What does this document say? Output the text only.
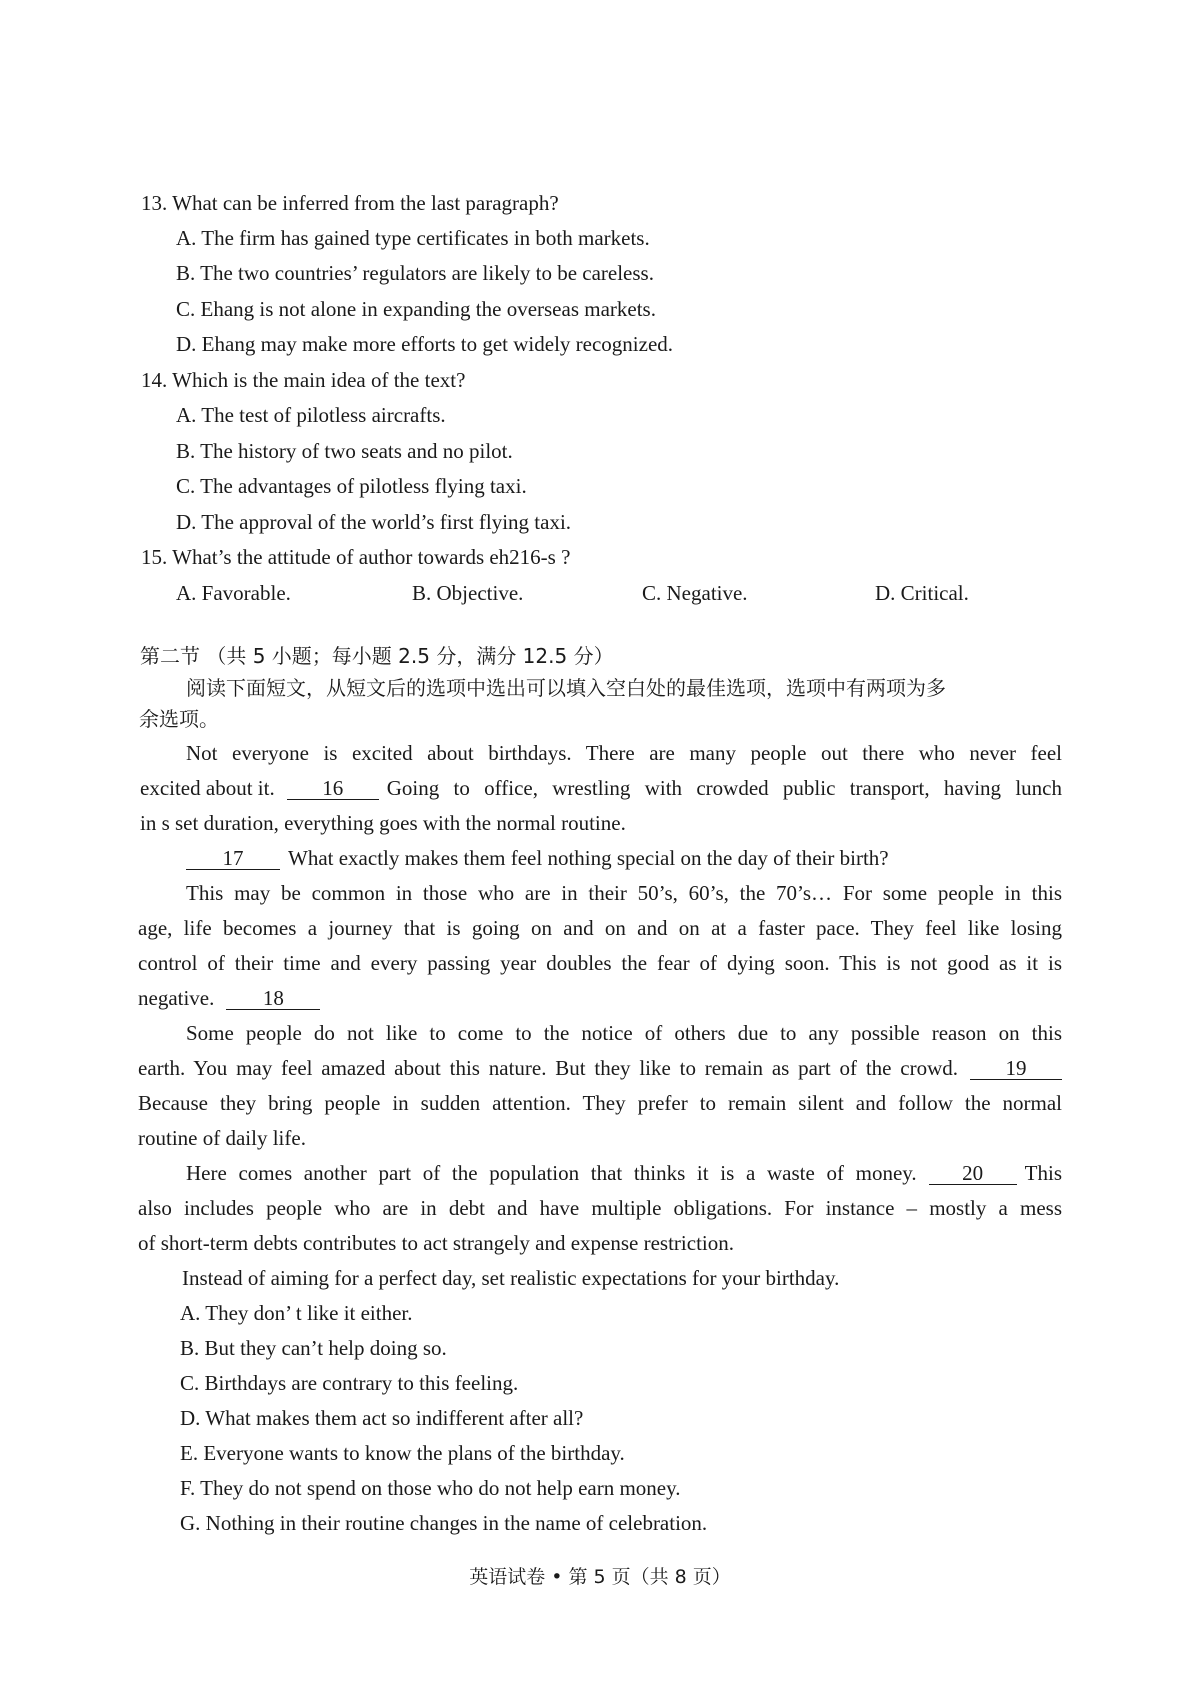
13. What can be inferred from the last paragraph?
A. The firm has gained type certificates in both markets.
B. The two countries’ regulators are likely to be careless.
C. Ehang is not alone in expanding the overseas markets.
D. Ehang may make more efforts to get widely recognized.
14. Which is the main idea of the text?
A. The test of pilotless aircrafts.
B. The history of two seats and no pilot.
C. The advantages of pilotless flying taxi.
D. The approval of the world’s first flying taxi.
15. What’s the attitude of author towards eh216-s ?
A. Favorable.	B. Objective.	C. Negative.	D. Critical.
第二节 （共 5 小题；每小题 2.5 分，满分 12.5 分）
阅读下面短文，从短文后的选项中选出可以填入空白处的最佳选项，选项中有两项为多
余选项。
Not everyone is excited about birthdays. There are many people out there who never feel
excited about it.	16	Going to office, wrestling with crowded public transport, having lunch
in s set duration, everything goes with the normal routine.
17 What exactly makes them feel nothing special on the day of their birth?
This may be common in those who are in their 50’s, 60’s, the 70’s… For some people in this
age, life becomes a journey that is going on and on and on at a faster pace. They feel like losing
control of their time and every passing year doubles the fear of dying soon. This is not good as it is
negative. 18
Some people do not like to come to the notice of others due to any possible reason on this
earth. You may feel amazed about this nature. But they like to remain as part of the crowd.	19
Because they bring people in sudden attention. They prefer to remain silent and follow the normal
routine of daily life.
Here comes another part of the population that thinks it is a waste of money.	20	This
also includes people who are in debt and have multiple obligations. For instance – mostly a mess
of short-term debts contributes to act strangely and expense restriction.
Instead of aiming for a perfect day, set realistic expectations for your birthday.
A. They don’ t like it either.
B. But they can’t help doing so.
C. Birthdays are contrary to this feeling.
D. What makes them act so indifferent after all?
E. Everyone wants to know the plans of the birthday.
F. They do not spend on those who do not help earn money.
G. Nothing in their routine changes in the name of celebration.
英语试卷 • 第 5 页（共 8 页）
